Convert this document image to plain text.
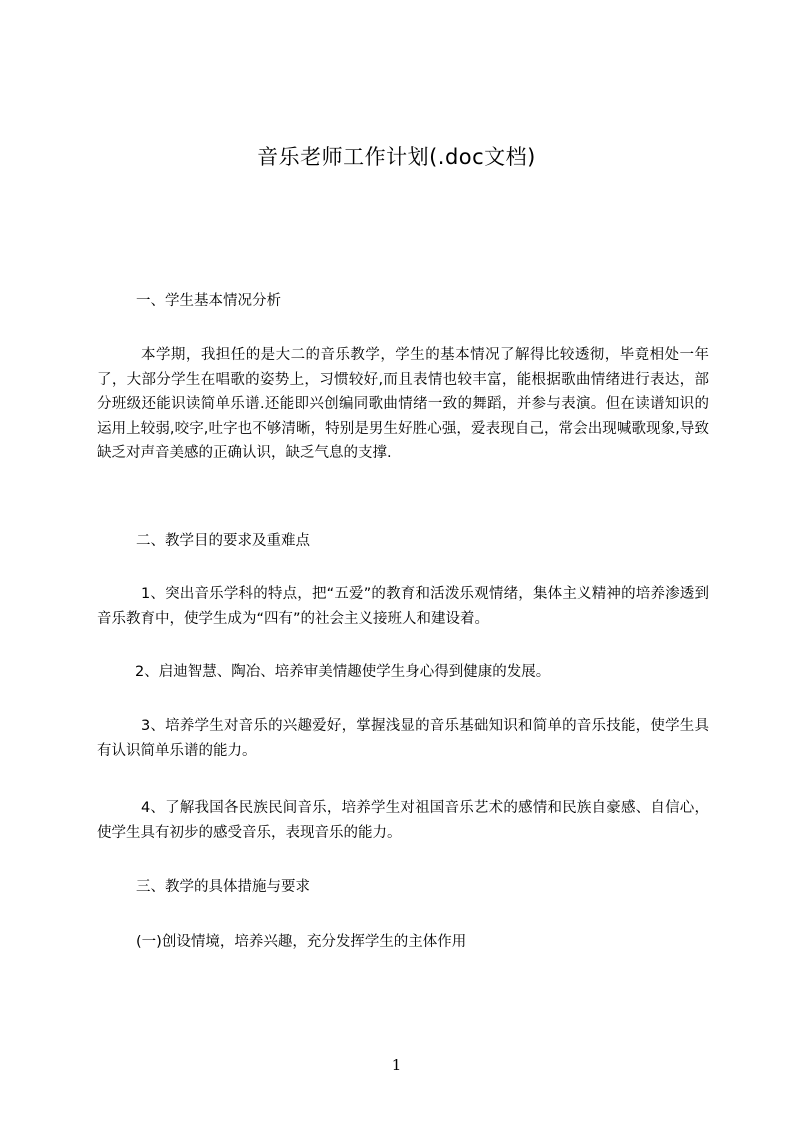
音乐老师工作计划(.doc文档)
一、学生基本情况分析
本学期，我担任的是大二的音乐教学，学生的基本情况了解得比较透彻，毕竟相处一年了，大部分学生在唱歌的姿势上，习惯较好,而且表情也较丰富，能根据歌曲情绪进行表达，部分班级还能识读简单乐谱.还能即兴创编同歌曲情绪一致的舞蹈，并参与表演。但在读谱知识的运用上较弱,咬字,吐字也不够清晰，特别是男生好胜心强，爱表现自己，常会出现喊歌现象,导致缺乏对声音美感的正确认识，缺乏气息的支撑.
二、教学目的要求及重难点
1、突出音乐学科的特点，把“五爱”的教育和活泼乐观情绪，集体主义精神的培养渗透到音乐教育中，使学生成为“四有”的社会主义接班人和建设着。
2、启迪智慧、陶冶、培养审美情趣使学生身心得到健康的发展。
3、培养学生对音乐的兴趣爱好，掌握浅显的音乐基础知识和简单的音乐技能，使学生具有认识简单乐谱的能力。
4、了解我国各民族民间音乐，培养学生对祖国音乐艺术的感情和民族自豪感、自信心，使学生具有初步的感受音乐，表现音乐的能力。
三、教学的具体措施与要求
(一)创设情境，培养兴趣，充分发挥学生的主体作用
1
